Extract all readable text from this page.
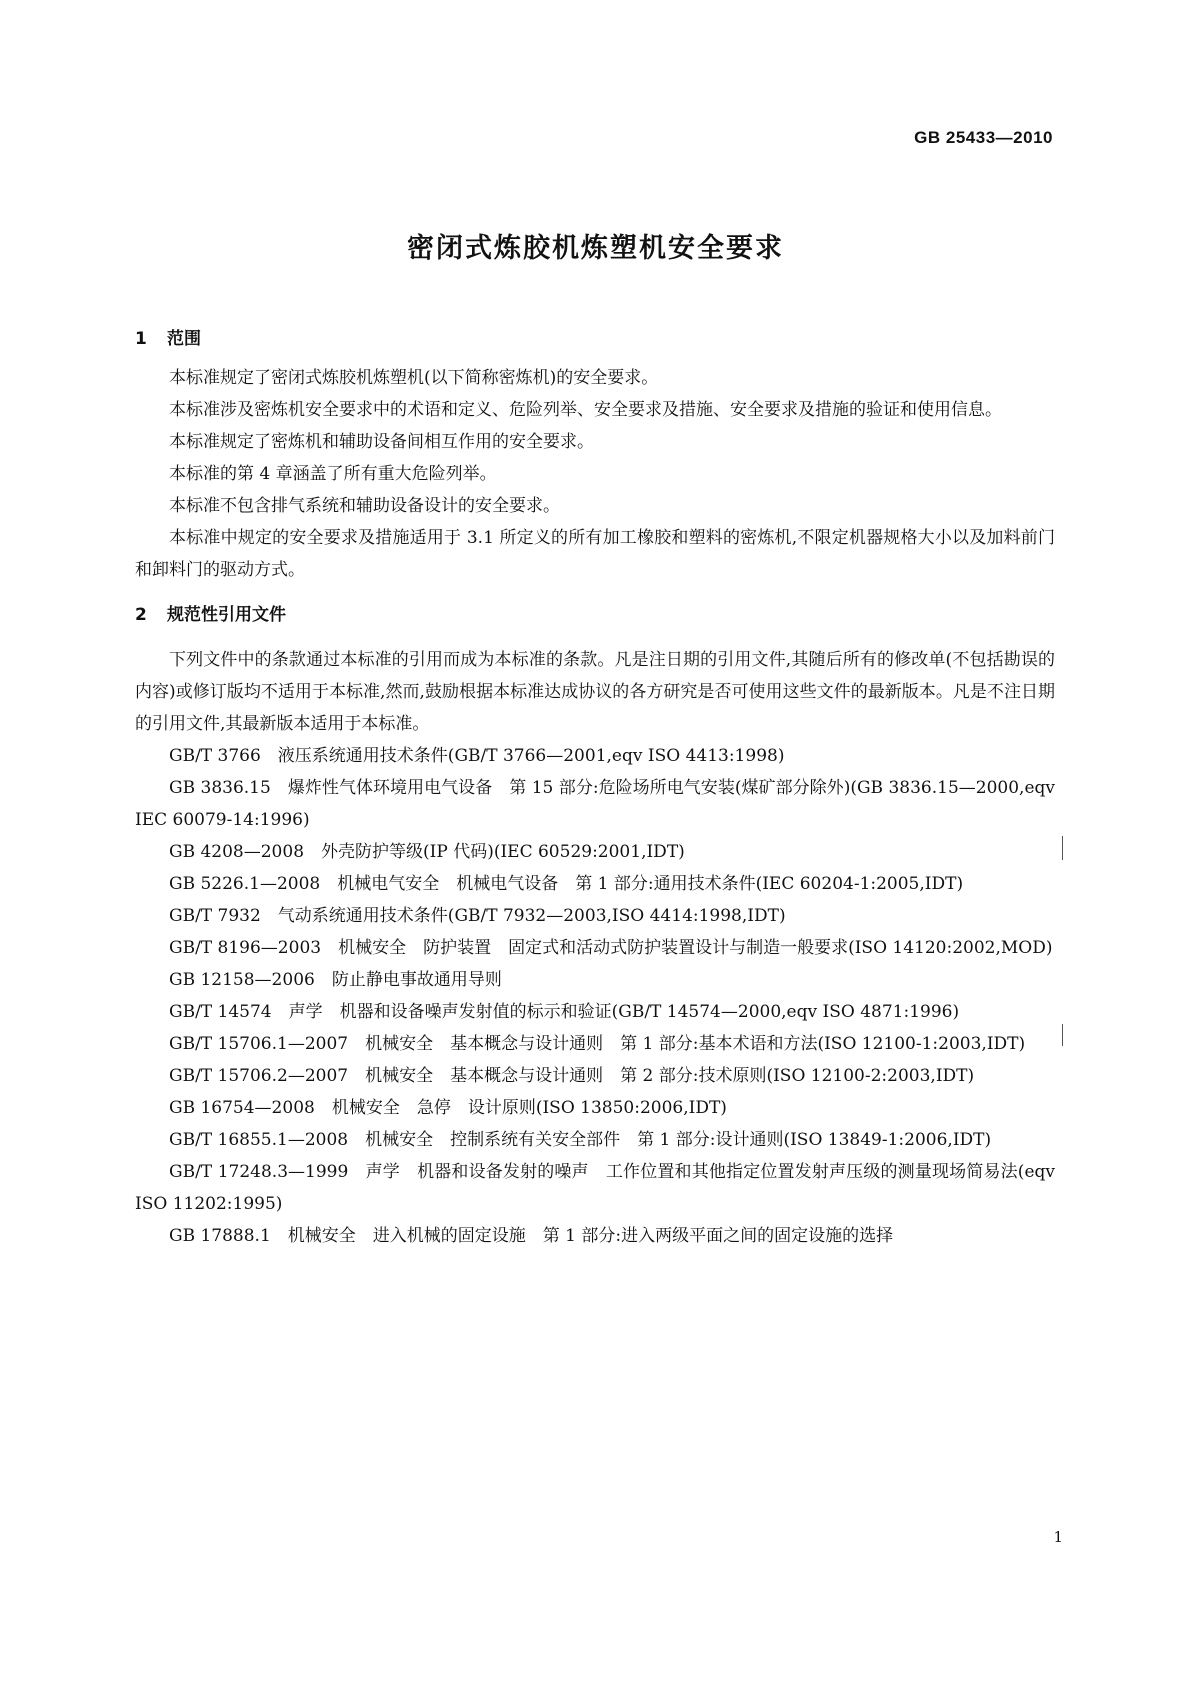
GB 25433—2010
密闭式炼胶机炼塑机安全要求
1 范围
本标准规定了密闭式炼胶机炼塑机(以下简称密炼机)的安全要求。
本标准涉及密炼机安全要求中的术语和定义、危险列举、安全要求及措施、安全要求及措施的验证和使用信息。
本标准规定了密炼机和辅助设备间相互作用的安全要求。
本标准的第 4 章涵盖了所有重大危险列举。
本标准不包含排气系统和辅助设备设计的安全要求。
本标准中规定的安全要求及措施适用于 3.1 所定义的所有加工橡胶和塑料的密炼机,不限定机器规格大小以及加料前门和卸料门的驱动方式。
2 规范性引用文件
下列文件中的条款通过本标准的引用而成为本标准的条款。凡是注日期的引用文件,其随后所有的修改单(不包括勘误的内容)或修订版均不适用于本标准,然而,鼓励根据本标准达成协议的各方研究是否可使用这些文件的最新版本。凡是不注日期的引用文件,其最新版本适用于本标准。
GB/T 3766　液压系统通用技术条件(GB/T 3766—2001,eqv ISO 4413:1998)
GB 3836.15　爆炸性气体环境用电气设备　第 15 部分:危险场所电气安装(煤矿部分除外)(GB 3836.15—2000,eqv IEC 60079-14:1996)
GB 4208—2008　外壳防护等级(IP 代码)(IEC 60529:2001,IDT)
GB 5226.1—2008　机械电气安全　机械电气设备　第 1 部分:通用技术条件(IEC 60204-1:2005,IDT)
GB/T 7932　气动系统通用技术条件(GB/T 7932—2003,ISO 4414:1998,IDT)
GB/T 8196—2003　机械安全　防护装置　固定式和活动式防护装置设计与制造一般要求(ISO 14120:2002,MOD)
GB 12158—2006　防止静电事故通用导则
GB/T 14574　声学　机器和设备噪声发射值的标示和验证(GB/T 14574—2000,eqv ISO 4871:1996)
GB/T 15706.1—2007　机械安全　基本概念与设计通则　第 1 部分:基本术语和方法(ISO 12100-1:2003,IDT)
GB/T 15706.2—2007　机械安全　基本概念与设计通则　第 2 部分:技术原则(ISO 12100-2:2003,IDT)
GB 16754—2008　机械安全　急停　设计原则(ISO 13850:2006,IDT)
GB/T 16855.1—2008　机械安全　控制系统有关安全部件　第 1 部分:设计通则(ISO 13849-1:2006,IDT)
GB/T 17248.3—1999　声学　机器和设备发射的噪声　工作位置和其他指定位置发射声压级的测量现场简易法(eqv ISO 11202:1995)
GB 17888.1　机械安全　进入机械的固定设施　第 1 部分:进入两级平面之间的固定设施的选择
1
